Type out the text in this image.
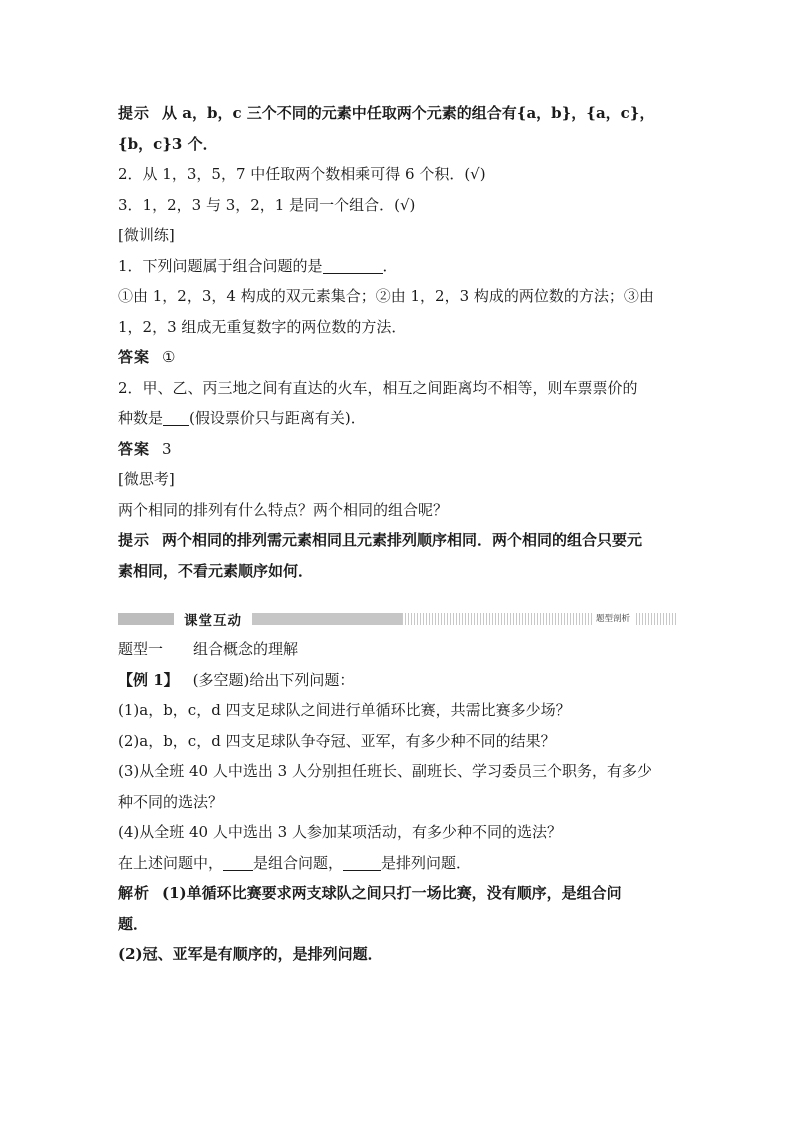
提示 从 a，b，c 三个不同的元素中任取两个元素的组合有{a，b}，{a，c}，
{b，c}3 个．
2．从 1，3，5，7 中任取两个数相乘可得 6 个积．(√)
3．1，2，3 与 3，2，1 是同一个组合．(√)
[微训练]
1．下列问题属于组合问题的是	．
①由 1，2，3，4 构成的双元素集合；②由 1，2，3 构成的两位数的方法；③由
1，2，3 组成无重复数字的两位数的方法．
答案 ①
2．甲、乙、丙三地之间有直达的火车，相互之间距离均不相等，则车票票价的
种数是 (假设票价只与距离有关)．
答案 3
[微思考]
两个相同的排列有什么特点？两个相同的组合呢？
提示 两个相同的排列需元素相同且元素排列顺序相同．两个相同的组合只要元
素相同，不看元素顺序如何．
课堂互动	题型剖析
题型一 组合概念的理解
【例 1】 (多空题)给出下列问题：
(1)a，b，c，d 四支足球队之间进行单循环比赛，共需比赛多少场？
(2)a，b，c，d 四支足球队争夺冠、亚军，有多少种不同的结果？
(3)从全班 40 人中选出 3 人分别担任班长、副班长、学习委员三个职务，有多少
种不同的选法？
(4)从全班 40 人中选出 3 人参加某项活动，有多少种不同的选法？
在上述问题中， 是组合问题，	是排列问题．
解析 (1)单循环比赛要求两支球队之间只打一场比赛，没有顺序，是组合问
题．
(2)冠、亚军是有顺序的，是排列问题．
